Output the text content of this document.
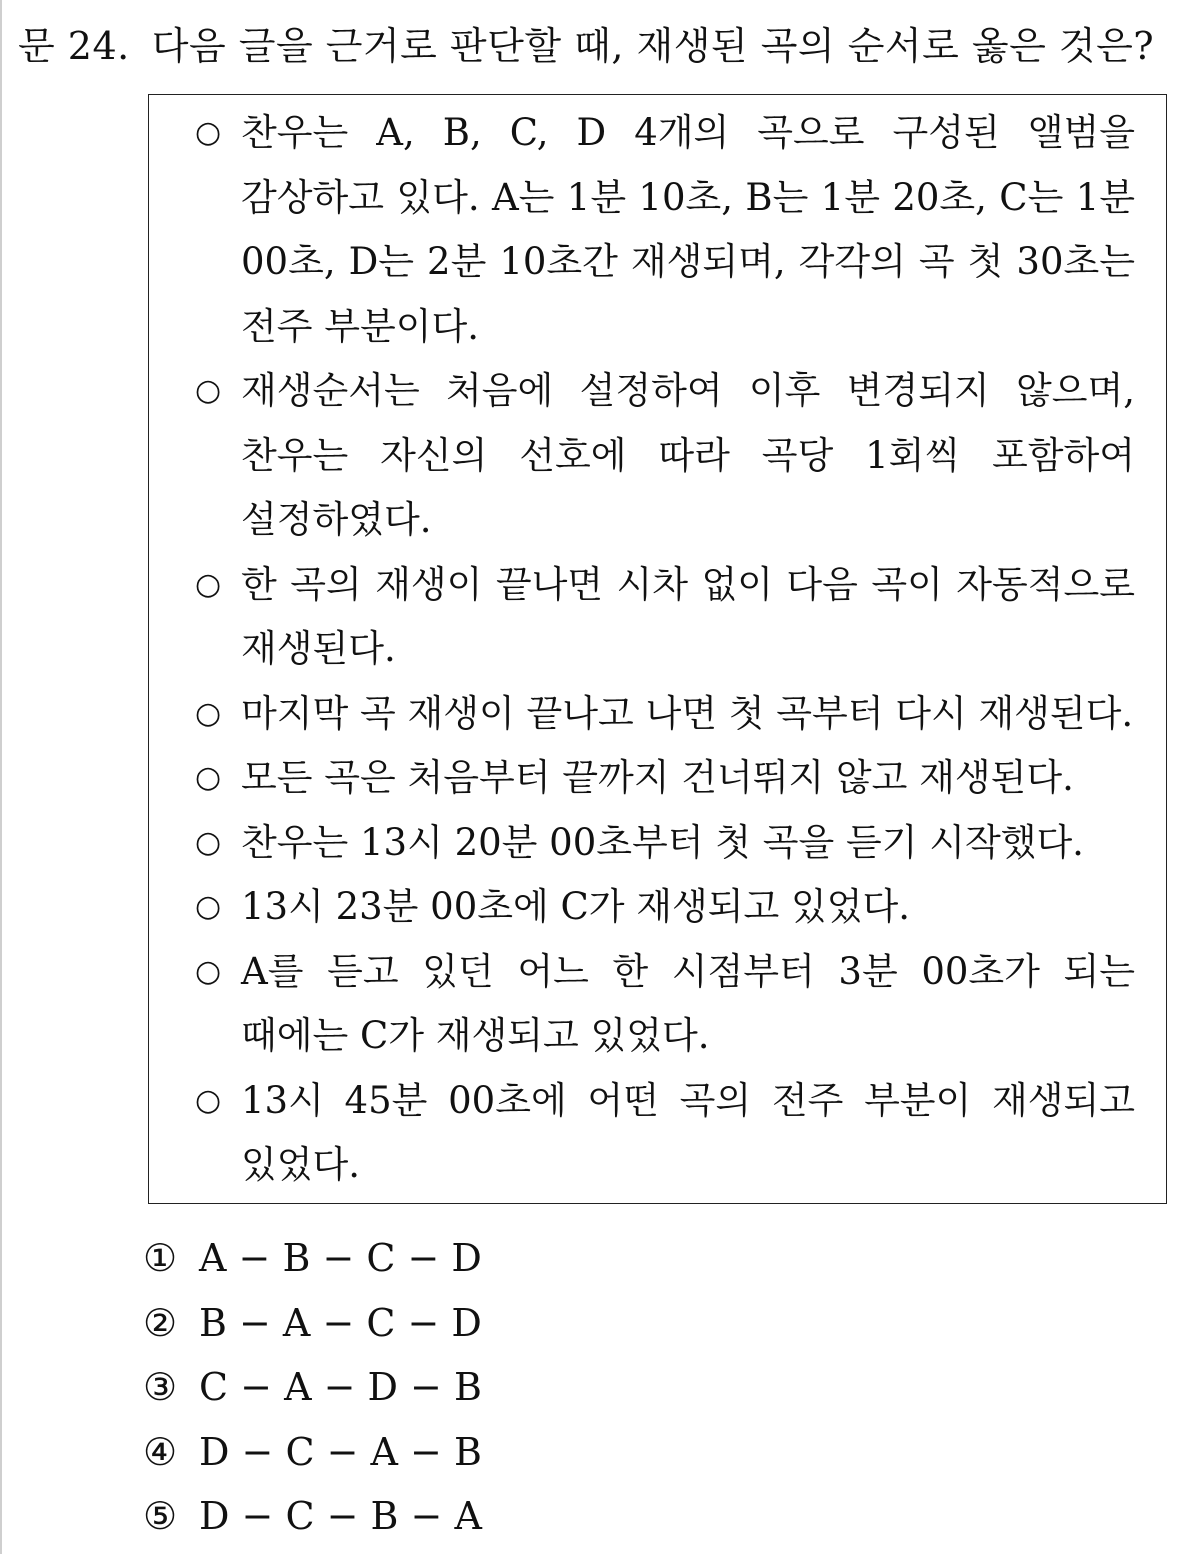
문 24. 다음 글을 근거로 판단할 때, 재생된 곡의 순서로 옳은 것은?
○ 찬우는 A, B, C, D 4개의 곡으로 구성된 앨범을 감상하고 있다. A는 1분 10초, B는 1분 20초, C는 1분 00초, D는 2분 10초간 재생되며, 각각의 곡 첫 30초는 전주 부분이다.
○ 재생순서는 처음에 설정하여 이후 변경되지 않으며, 찬우는 자신의 선호에 따라 곡당 1회씩 포함하여 설정하였다.
○ 한 곡의 재생이 끝나면 시차 없이 다음 곡이 자동적으로 재생된다.
○ 마지막 곡 재생이 끝나고 나면 첫 곡부터 다시 재생된다.
○ 모든 곡은 처음부터 끝까지 건너뛰지 않고 재생된다.
○ 찬우는 13시 20분 00초부터 첫 곡을 듣기 시작했다.
○ 13시 23분 00초에 C가 재생되고 있었다.
○ A를 듣고 있던 어느 한 시점부터 3분 00초가 되는 때에는 C가 재생되고 있었다.
○ 13시 45분 00초에 어떤 곡의 전주 부분이 재생되고 있었다.
① A − B − C − D
② B − A − C − D
③ C − A − D − B
④ D − C − A − B
⑤ D − C − B − A
